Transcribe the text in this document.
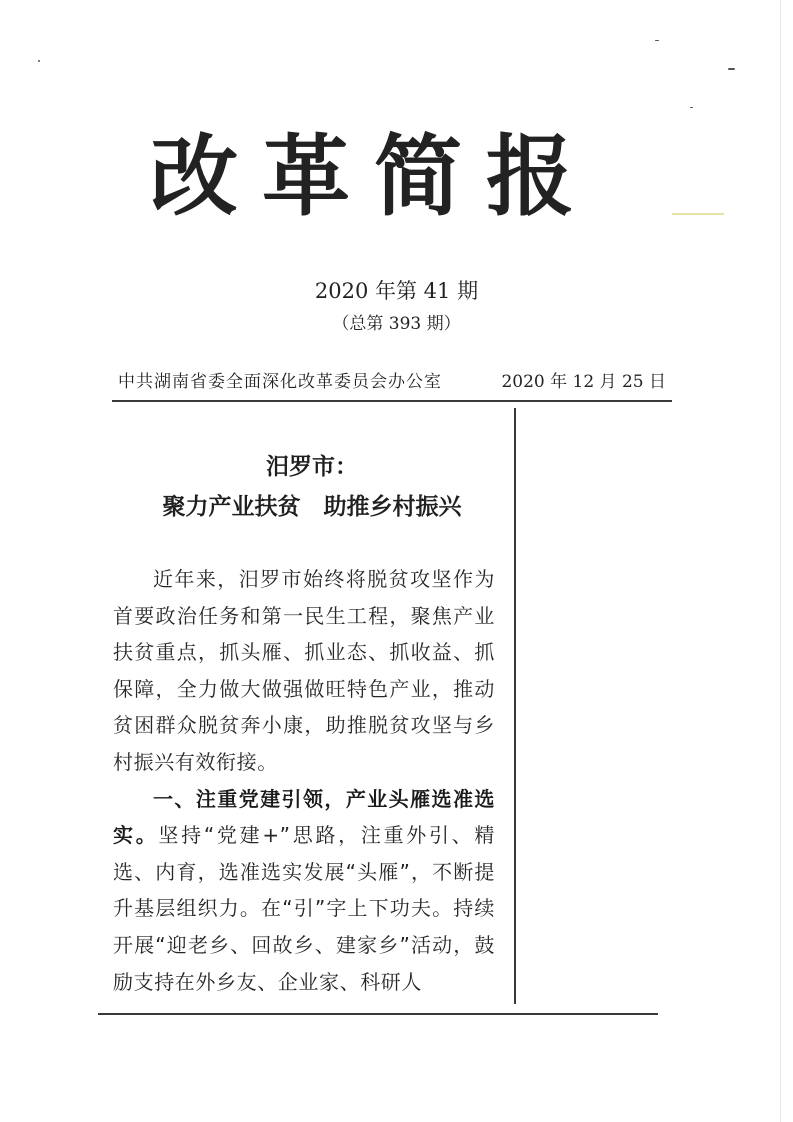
改革简报
2020 年第 41 期
（总第 393 期）
中共湖南省委全面深化改革委员会办公室	2020 年 12 月 25 日
汨罗市：
聚力产业扶贫　助推乡村振兴

近年来，汨罗市始终将脱贫攻坚作为首要政治任务和第一民生工程，聚焦产业扶贫重点，抓头雁、抓业态、抓收益、抓保障，全力做大做强做旺特色产业，推动贫困群众脱贫奔小康，助推脱贫攻坚与乡村振兴有效衔接。

一、注重党建引领，产业头雁选准选实。坚持“党建+”思路，注重外引、精选、内育，选准选实发展“头雁”，不断提升基层组织力。在“引”字上下功夫。持续开展“迎老乡、回故乡、建家乡”活动，鼓励支持在外乡友、企业家、科研人
